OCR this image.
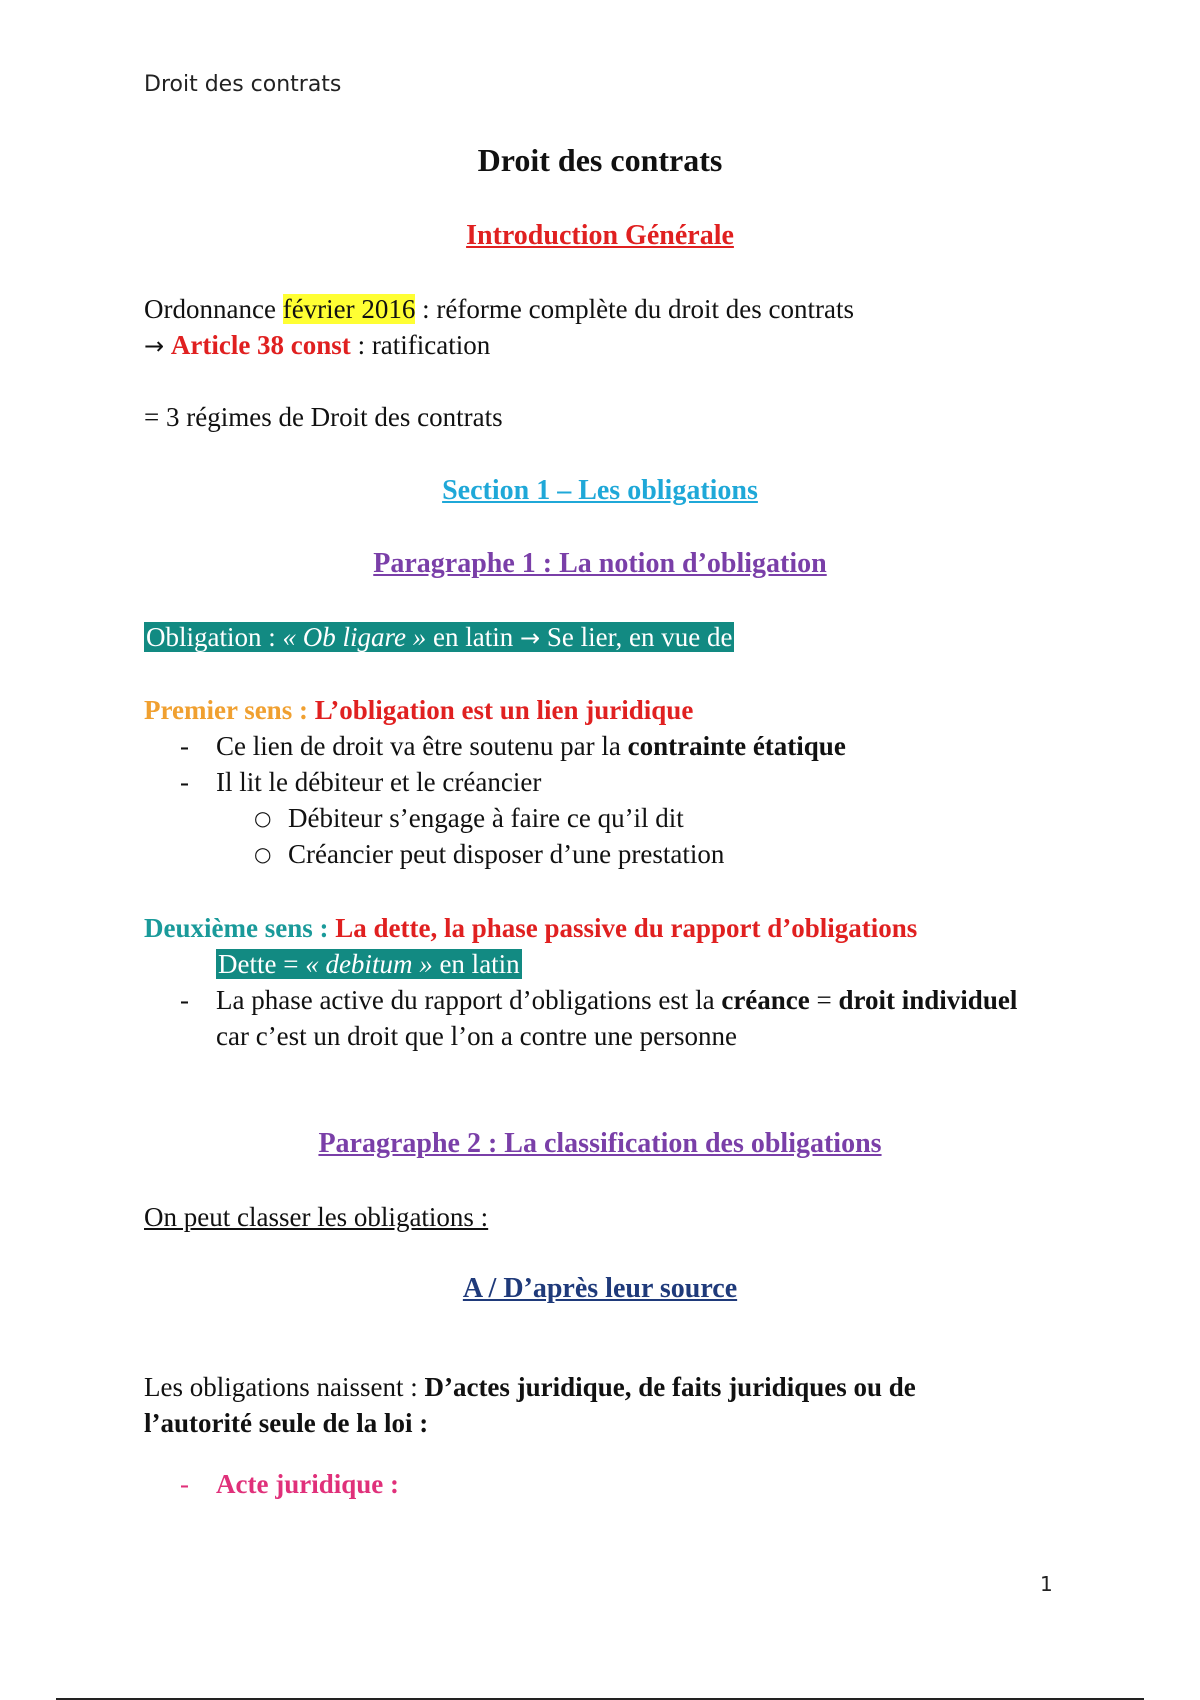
Droit des contrats
Droit des contrats
Introduction Générale
Ordonnance février 2016 : réforme complète du droit des contrats
→ Article 38 const : ratification
= 3 régimes de Droit des contrats
Section 1 – Les obligations
Paragraphe 1 : La notion d’obligation
Obligation : « Ob ligare » en latin → Se lier, en vue de
Premier sens : L’obligation est un lien juridique
- Ce lien de droit va être soutenu par la contrainte étatique
- Il lit le débiteur et le créancier
○ Débiteur s’engage à faire ce qu’il dit
○ Créancier peut disposer d’une prestation
Deuxième sens : La dette, la phase passive du rapport d’obligations
Dette = « debitum » en latin
- La phase active du rapport d’obligations est la créance = droit individuel
car c’est un droit que l’on a contre une personne
Paragraphe 2 : La classification des obligations
On peut classer les obligations :
A / D’après leur source
Les obligations naissent : D’actes juridique, de faits juridiques ou de
l’autorité seule de la loi :
- Acte juridique :
1
